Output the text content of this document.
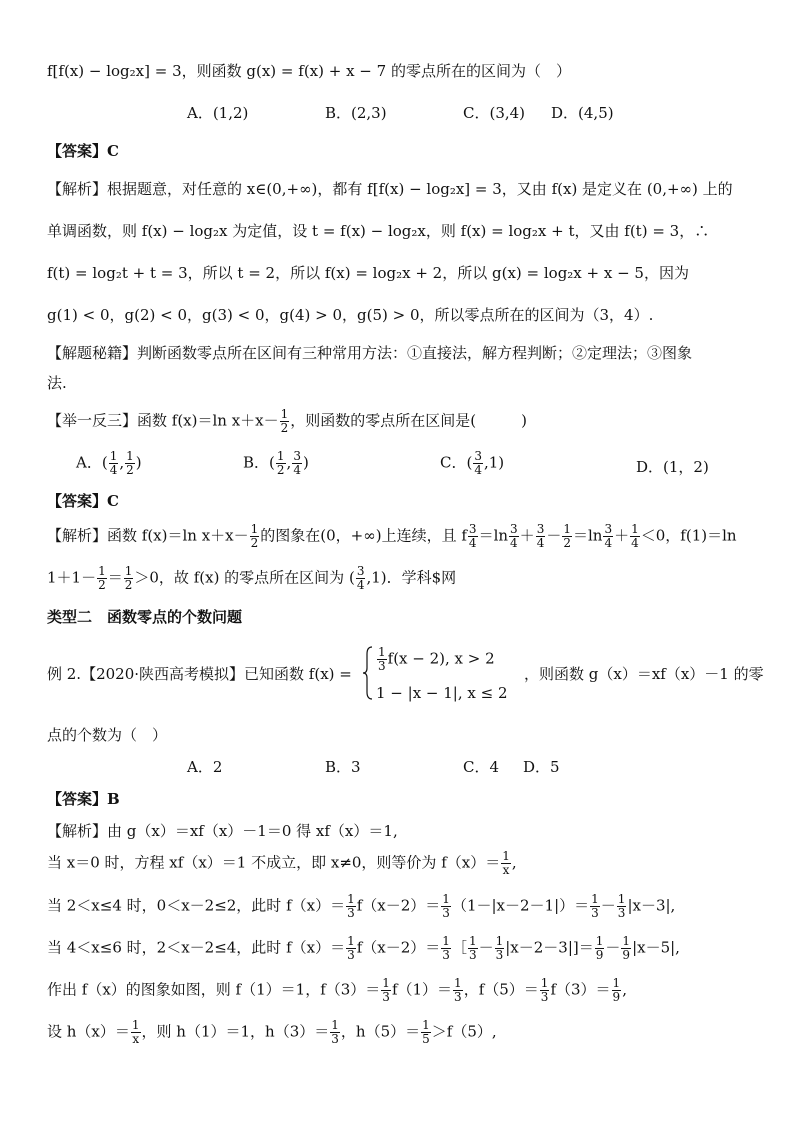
f[f(x) − log₂x] = 3，则函数 g(x) = f(x) + x − 7 的零点所在的区间为（　）
A．(1,2)	B．(2,3)	C．(3,4) D．(4,5)
【答案】C
【解析】根据题意，对任意的 x∈(0,+∞)，都有 f[f(x) − log₂x] = 3，又由 f(x) 是定义在 (0,+∞) 上的
单调函数，则 f(x) − log₂x 为定值，设 t = f(x) − log₂x，则 f(x) = log₂x + t，又由 f(t) = 3，∴
f(t) = log₂t + t = 3，所以 t = 2，所以 f(x) = log₂x + 2，所以 g(x) = log₂x + x − 5，因为
g(1) < 0，g(2) < 0，g(3) < 0，g(4) > 0，g(5) > 0，所以零点所在的区间为（3，4）.
【解题秘籍】判断函数零点所在区间有三种常用方法：①直接法，解方程判断；②定理法；③图象
法.
【举一反三】函数 f(x)＝ln $x+x- \frac{1}{2}$ ，则函数的零点所在区间是(　　　)
A．( $\frac{1}{4}$ , $\frac{1}{2}$ )	B．( $\frac{1}{2}$ , $\frac{3}{4}$ )	C．( $\frac{3}{4} ,1$)	D．(1，2)
【答案】C
【解析】函数 f(x)＝ln $x+x- \frac{1}{2}$ 的图象在(0，+∞)上连续，且 f $\frac{3}{4} =\ln \frac{3}{4} + \frac{3}{4} - \frac{1}{2} =\ln \frac{3}{4} + \frac{1}{4} <0$，f(1)＝ln
$1+1- \frac{1}{2} = \frac{1}{2} >0$，故 f(x) 的零点所在区间为 ( $\frac{3}{4} ,1$)．学科$网
类型二　函数零点的个数问题
例 2.【2020·陕西高考模拟】已知函数 f(x) =
$\frac{1}{3} f(x - 2)$, x > 2
1 − |x − 1|, x ≤ 2
，则函数 g（x）＝xf（x）－1 的零
点的个数为（　）
A．2	B．3	C．4 D．5
【答案】B
【解析】由 g（x）＝xf（x）－1＝0 得 xf（x）＝1,
当 x＝0 时，方程 xf（x）＝1 不成立，即 x≠0，则等价为 $f(x)= \frac{1}{x}$ ,
当 2＜x≤4 时，0＜x－2≤2，此时 $f(x)= \frac{1}{3} f(x-2)= \frac{1}{3} (1-|x-2-1|)= \frac{1}{3} - \frac{1}{3} |x-3|$,
当 4＜x≤6 时，2＜x－2≤4，此时 $f(x)= \frac{1}{3} f(x-2)= \frac{1}{3}$ ［ $\frac{1}{3} - \frac{1}{3} |x-2-3|]= \frac{1}{9} - \frac{1}{9} |x-5|$,
作出 f（x）的图象如图，则 f（1）＝1，$f(3)= \frac{1}{3} f(1)= \frac{1}{3}$ ，$f(5)= \frac{1}{3} f(3)= \frac{1}{9}$ ,
设 $h(x)= \frac{1}{x}$ ，则 h（1）＝1，$h(3)= \frac{1}{3}$ ，$h(5)= \frac{1}{5} >f(5)$,
